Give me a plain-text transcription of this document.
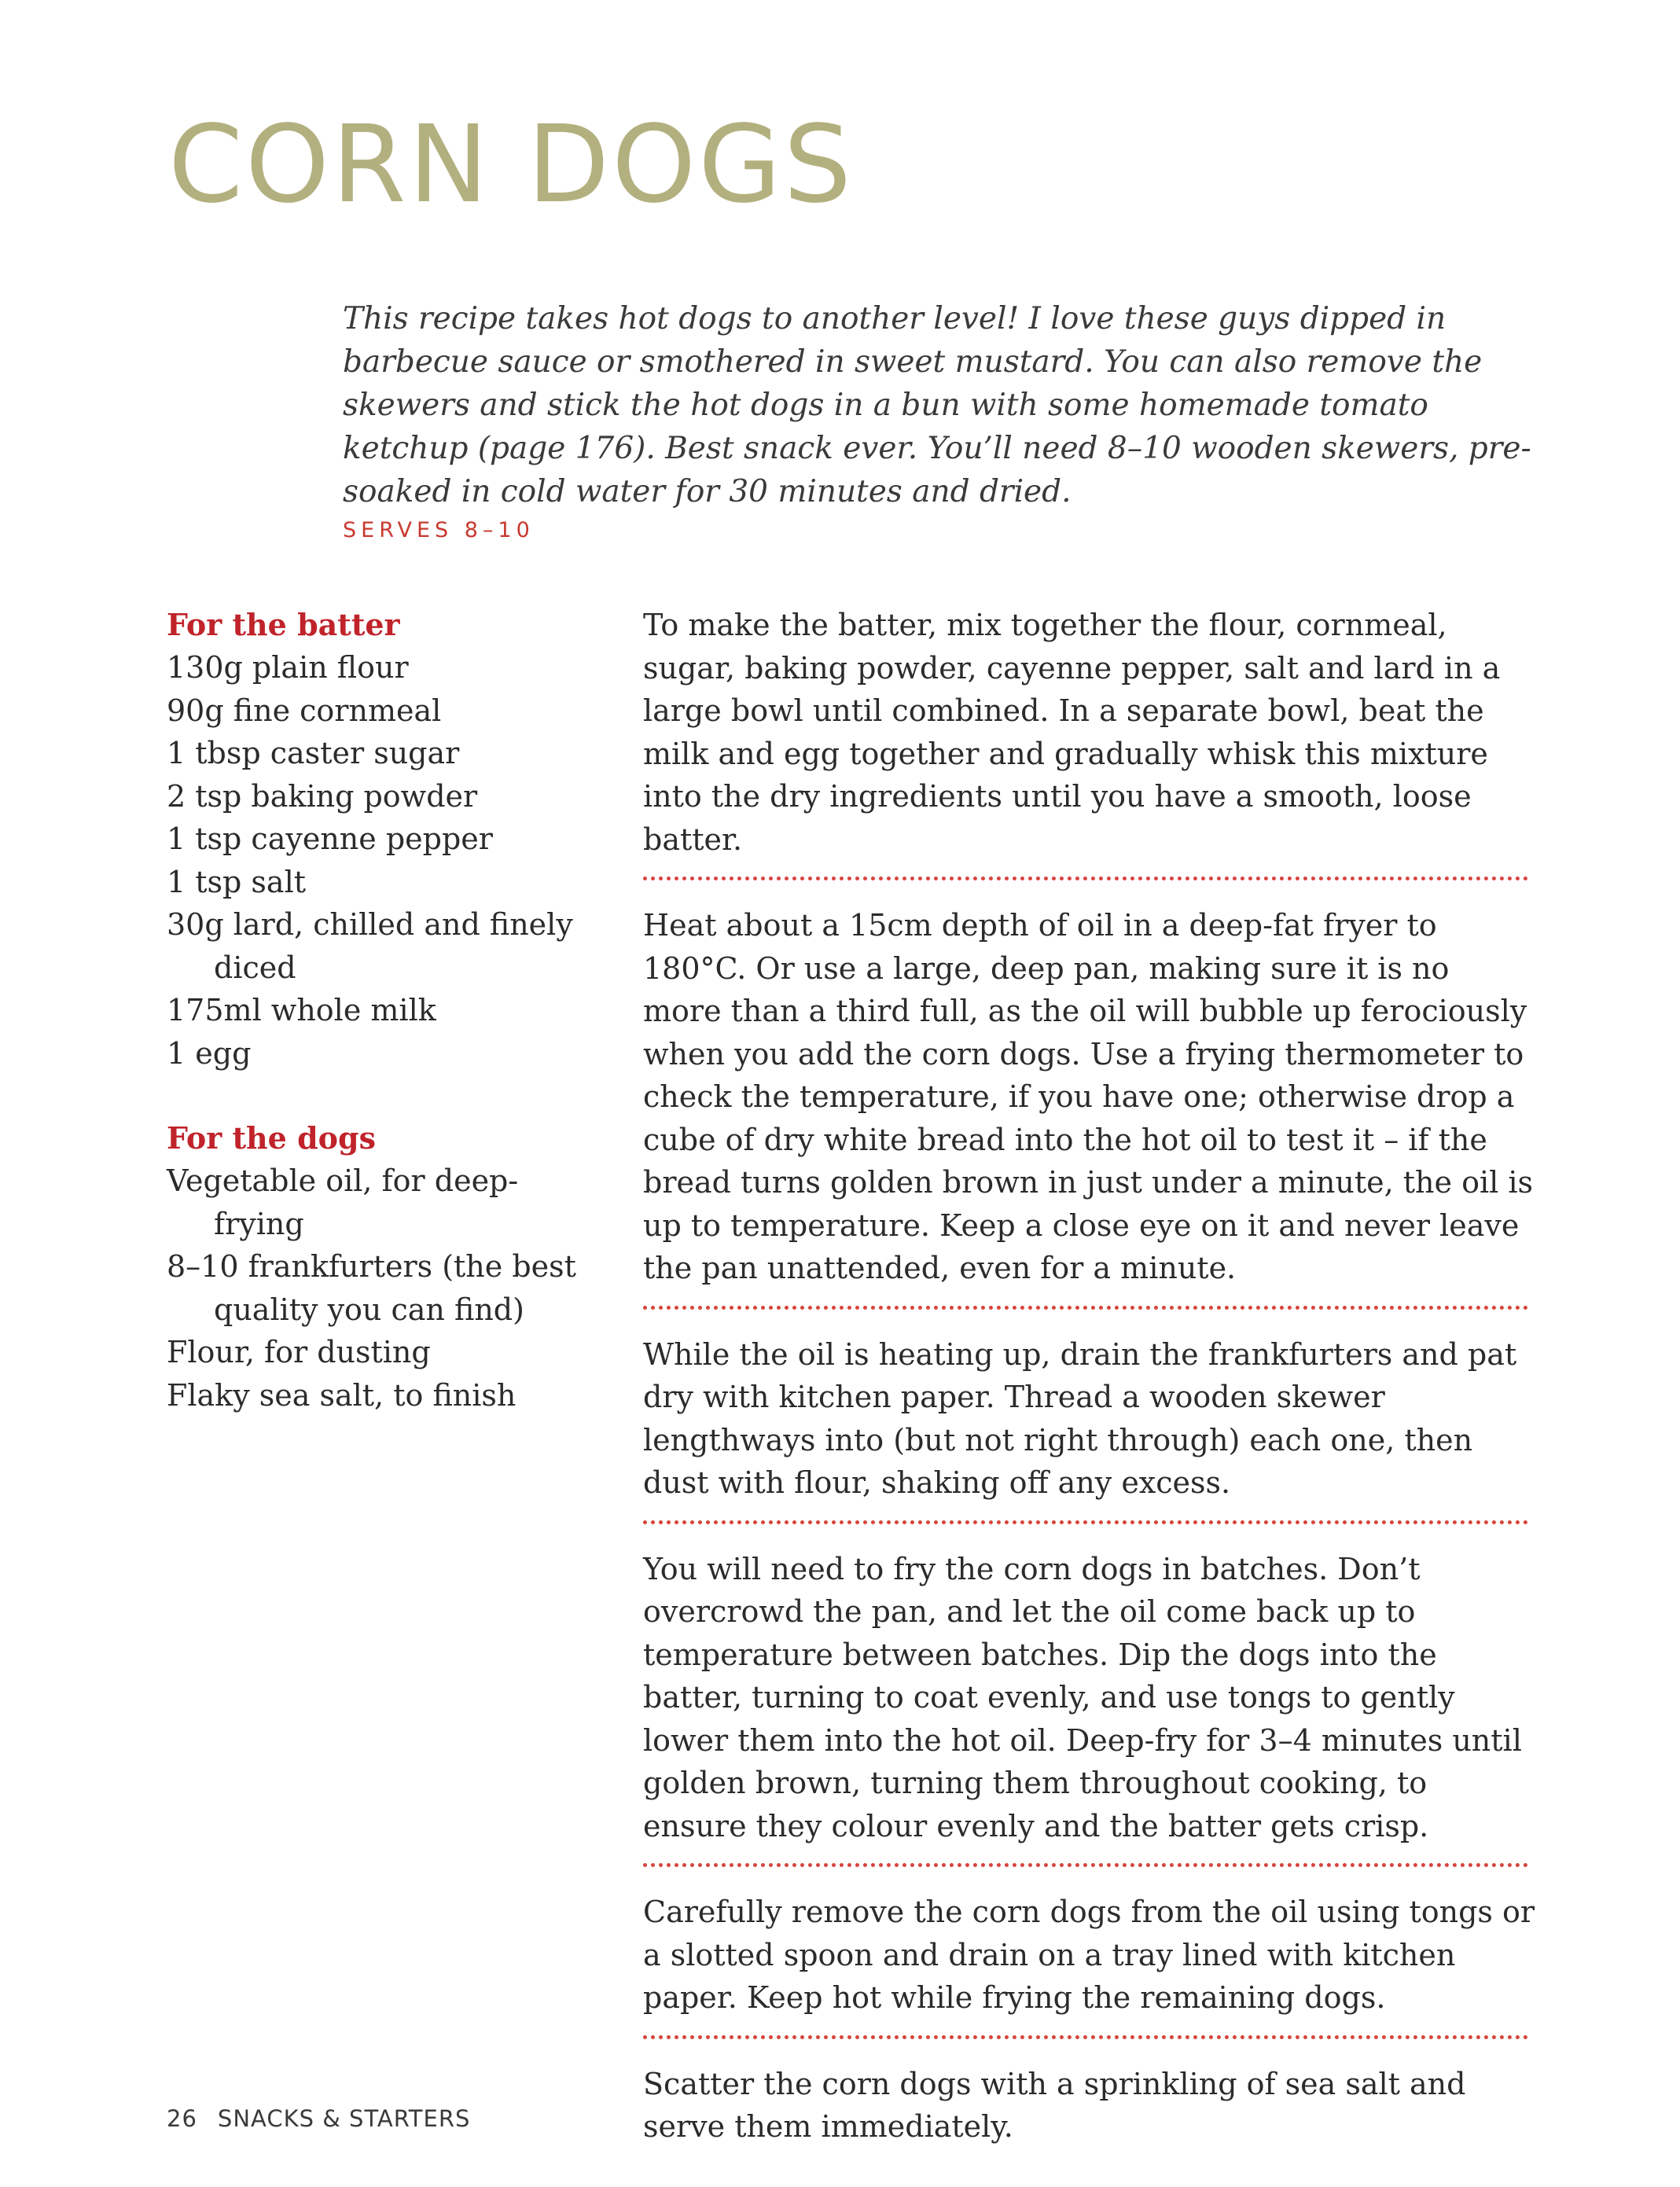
CORN DOGS

This recipe takes hot dogs to another level! I love these guys dipped in barbecue sauce or smothered in sweet mustard. You can also remove the skewers and stick the hot dogs in a bun with some homemade tomato ketchup (page 176). Best snack ever. You’ll need 8–10 wooden skewers, pre-soaked in cold water for 30 minutes and dried.

SERVES 8–10
For the batter
130g plain flour
90g fine cornmeal
1 tbsp caster sugar
2 tsp baking powder
1 tsp cayenne pepper
1 tsp salt
30g lard, chilled and finely diced
175ml whole milk
1 egg
For the dogs
Vegetable oil, for deep-frying
8–10 frankfurters (the best quality you can find)
Flour, for dusting
Flaky sea salt, to finish

To make the batter, mix together the flour, cornmeal, sugar, baking powder, cayenne pepper, salt and lard in a large bowl until combined. In a separate bowl, beat the milk and egg together and gradually whisk this mixture into the dry ingredients until you have a smooth, loose batter.

Heat about a 15cm depth of oil in a deep-fat fryer to 180°C. Or use a large, deep pan, making sure it is no more than a third full, as the oil will bubble up ferociously when you add the corn dogs. Use a frying thermometer to check the temperature, if you have one; otherwise drop a cube of dry white bread into the hot oil to test it – if the bread turns golden brown in just under a minute, the oil is up to temperature. Keep a close eye on it and never leave the pan unattended, even for a minute.

While the oil is heating up, drain the frankfurters and pat dry with kitchen paper. Thread a wooden skewer lengthways into (but not right through) each one, then dust with flour, shaking off any excess.

You will need to fry the corn dogs in batches. Don’t overcrowd the pan, and let the oil come back up to temperature between batches. Dip the dogs into the batter, turning to coat evenly, and use tongs to gently lower them into the hot oil. Deep-fry for 3–4 minutes until golden brown, turning them throughout cooking, to ensure they colour evenly and the batter gets crisp.

Carefully remove the corn dogs from the oil using tongs or a slotted spoon and drain on a tray lined with kitchen paper. Keep hot while frying the remaining dogs.

Scatter the corn dogs with a sprinkling of sea salt and serve them immediately.

26 SNACKS & STARTERS
